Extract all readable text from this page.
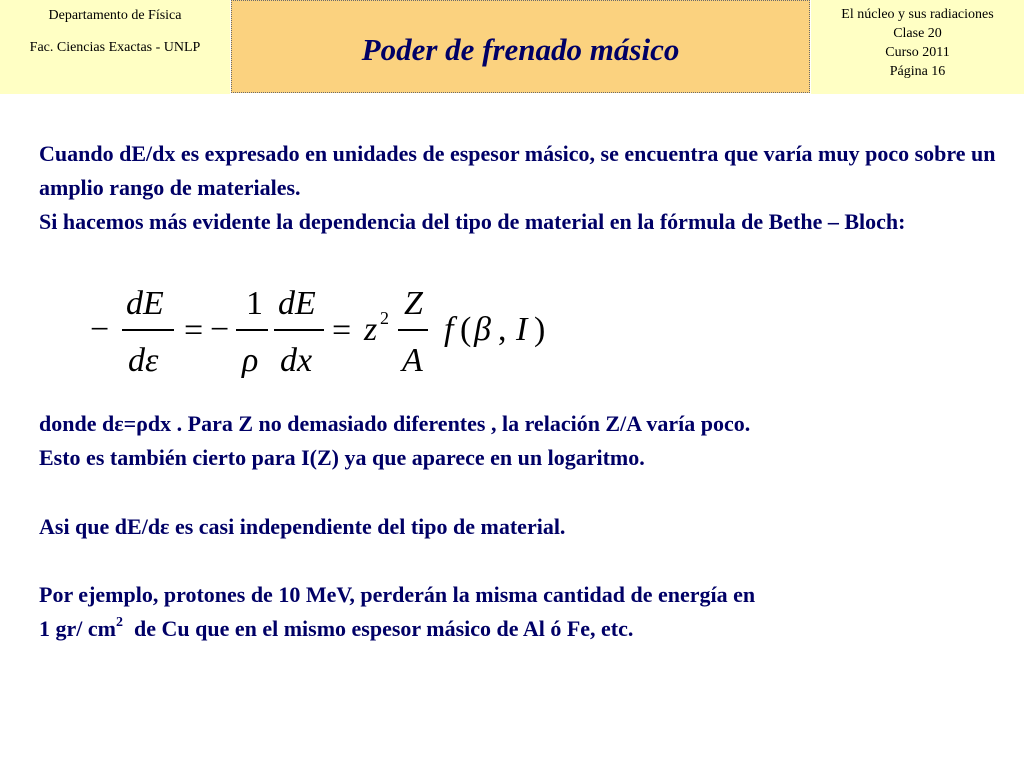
Departamento de Física
Fac. Ciencias Exactas - UNLP	Poder de frenado másico
El núcleo y sus radiaciones
Clase 20
Curso 2011
Página 16

Cuando dE/dx es expresado en unidades de espesor másico, se encuentra que varía muy poco sobre un amplio rango de materiales.

Si hacemos más evidente la dependencia del tipo de material en la fórmula de Bethe – Bloch:

−
dE
dε
= −
1
ρ
dE
dx
= z 2 Z
A
f ( β , I )
donde dε=ρdx . Para Z no demasiado diferentes , la relación Z/A varía poco.
Esto es también cierto para I(Z) ya que aparece en un logaritmo.
Asi que dE/dε es casi independiente del tipo de material.
Por ejemplo, protones de 10 MeV, perderán la misma cantidad de energía en
1 gr/ $cm^2$  de Cu que en el mismo espesor másico de Al ó Fe, etc.
